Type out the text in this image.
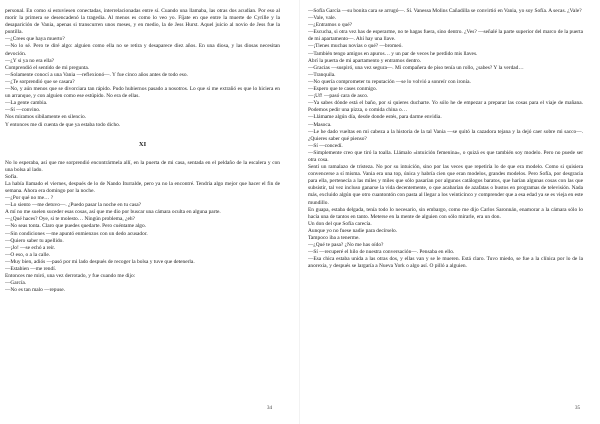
personal. En como si estuviesen conectadas, interrelacionadas entre sí. Cuando una llamaba, las otras dos acudían. Por eso al morir la primera se desencadenó la tragedia. Al menos es como lo veo yo. Fíjate en que entre la muerte de Cyrille y la desaparición de Vania, apenas si transcurren unos meses, y en medio, la de Jess Hurst. Aquel juicio al novio de Jess fue la puntilla.

—¿Crees que haya muerto?

—No lo sé. Pero te diré algo: alguien como ella no se retira y desaparece diez años. En una diosa, y las diosas necesitan devoción.

—¿Y si ya no era ella?

Comprendió el sentido de mi pregunta.

—Solamente conocí a una Vania —reflexionó—. Y fue cinco años antes de todo eso.

—¿Te sorprendió que se casara?

—No, y aún menos que se divorciara tan rápido. Pudo hubiernos pasado a nosotros. Lo que sí me extrañó es que lo hiciera en un arranque, y con alguien como ese estúpido. No era de ellas.

—La gente cambia.

—Sí —convino.

Nos miramos sibilamente en silencio.

Y entonces me di cuenta de que ya estaba todo dicho.

XI

No lo esperaba, así que me sorprendió encontrármela allí, en la puerta de mi casa, sentada en el peldaño de la escalera y con una bolsa al lado.

Sofía.

La había llamado el viernes, después de lo de Nando Iturralde, pero ya no la encontré. Tendría algo mejor que hacer el fin de semana. Ahora era domingo por la noche.

—¿Por qué no me… ?

—Lo siento —me detuvo—. ¿Puedo pasar la noche en tu casa?

A mí no me suelen suceder esas cosas, así que me dio por buscar una cámara oculta en alguna parte.

—¿Qué haces? Oye, si te molesto… Ningún problema, ¿eh?

—No seas tonta. Claro que puedes quedarte. Pero cuéntame algo.

—Sin condiciones —me apuntó enmienzos con un dedo acusador.

—Quiero saber tu apellido.

—¡Jo! —se echó a reír.

—O eso, o a la calle.

—Muy bien, adiós —pasó por mi lado después de recoger la bolsa y tuve que detenerla.

—Estabien —me rendí.

Entonces me miró, una vez derrotado, y fue cuando me dijo:

—García.

—No es tan malo —repuse.

34

—Sofía García —su bonita cara se arrugó—. Sí. Vanessa Molins Cañadilla se convirtió en Vania, yo soy Sofía. A secas. ¿Vale?

—Vale, vale.

—¿Entramos o qué?

—Escucha, si otra vez has de esperarme, no te hagas fuera, sino dentro. ¿Ves? —señalé la parte superior del marco de la puerta de mi apartamento—. Ahí hay una llave.

—¡Tienes muchas novias o qué? —bromeó.

—También tengo amigos en apuros… y un par de veces he perdido mis llaves.

Abrí la puerta de mi apartamento y entramos dentro.

—Gracias —suspiró, una vez segura—. Mi compañera de piso tenía un rollo, ¿sabes? Y la verdad…

—Tranquila.

—No quería comprometer tu reputación —se lo volvió a sonreír con ironía.

—Espero que te cases conmigo.

—¡Uf! —pasó cara de asco.

—Ya sabes dónde está el baño, por si quieres ducharte. Yo sólo he de empezar a preparar las cosas para el viaje de mañana. Podemos pedir una pizza, o comida china o…

—Llámame algún día, desde donde estés, para darme envidia.

—Masoca.

—Le he dado vueltas en mi cabeza a la historia de la tal Vania —se quitó la cazadora tejana y la dejó caer sobre mi sacco—. ¿Quieres saber qué pienso?

—Sí —concedí.

—Simplemente creo que tiró la toalla. Llámalo «intuición femenina», o quizá es que también soy modelo. Pero no puede ser otra cosa.

Sentí un ramalazo de tristeza. No por su intuición, sino por las veces que repetiría lo de que era modelo. Como si quisiera convencerse a sí misma. Vania era una top, única y habría cien que eran modelos, grandes modelos. Pero Sofía, por desgracia para ella, pertenecía a las miles y miles que sólo pasarían por algunos catálogos baratos, que harían algunas cosas con las que subsistir, tal vez incluso ganarse la vida decentemente, o que acabarían de azafatas o bustos en programas de televisión. Nada más, excluido algún que otro cuantontón con pasta al llegar a los veinticinco y comprender que a esa edad ya se es vieja en este mundillo.

En guapa, estaba delgada, tenía todo lo necesario, sin embargo, como me dijo Carlos Saronnán, enamorar a la cámara sólo lo hacía una de tantos en tanto. Meterse en la mente de alguien con sólo mirarle, era un don.

Un don del que Sofía carecía.

Aunque yo no fuese nadie para decírselo.

Tampoco iba a tenerme.

—¿Qué te pasa? ¿No me has oído?

—Sí —recuperé el hilo de nuestra conversación—. Pensaba en ello.

—Esa chica estaba unida a las otras dos, y ellas van y se le mueren. Está claro. Tuvo miedo, se fue a la clínica por lo de la anorexia, y después se largaría a Nueva York o algo así. O pilló a alguien.

35
